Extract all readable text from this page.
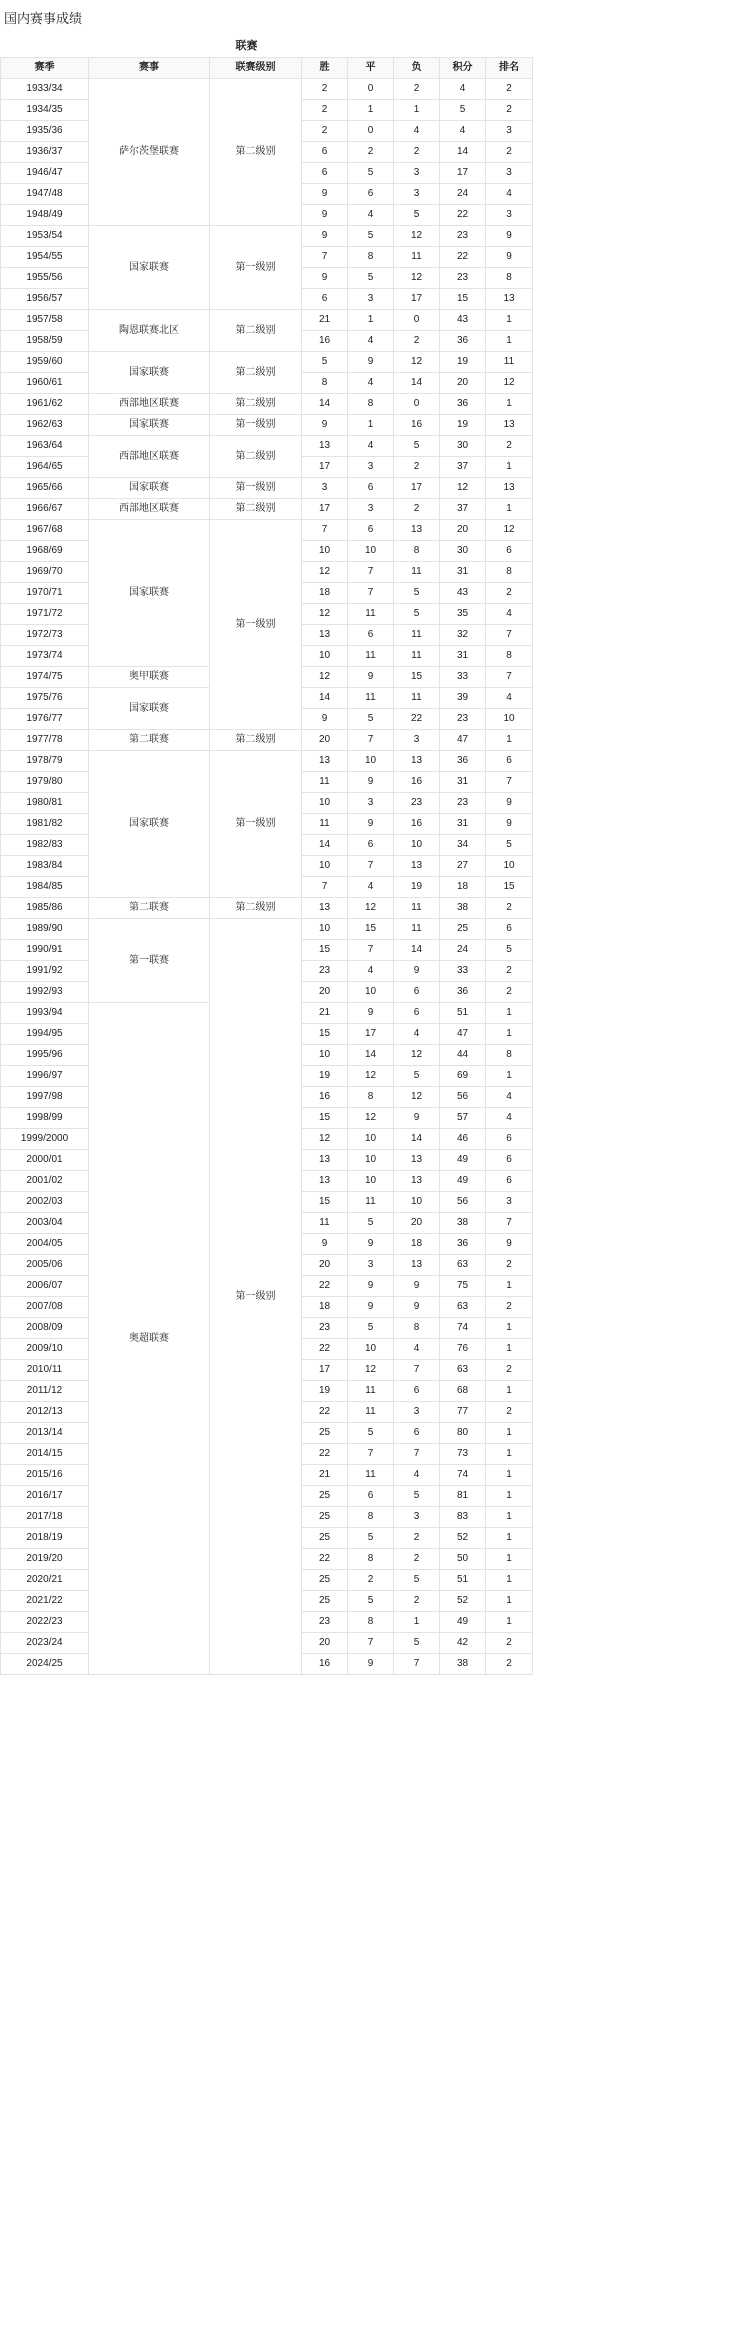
国内赛事成绩
联赛
赛季	赛事	联赛级别	胜	平	负	积分	排名
1933/34	萨尔茨堡联赛	第二级别	2	0	2	4	2
1934/35			2	1	1	5	2
1935/36			2	0	4	4	3
1936/37			6	2	2	14	2
1946/47			6	5	3	17	3
1947/48			9	6	3	24	4
1948/49			9	4	5	22	3
1953/54	国家联赛	第一级别	9	5	12	23	9
1954/55			7	8	11	22	9
1955/56			9	5	12	23	8
1956/57			6	3	17	15	13
1957/58	陶恩联赛北区	第二级别	21	1	0	43	1
1958/59			16	4	2	36	1
1959/60	国家联赛	第二级别	5	9	12	19	11
1960/61			8	4	14	20	12
1961/62	西部地区联赛	第二级别	14	8	0	36	1
1962/63	国家联赛	第一级别	9	1	16	19	13
1963/64	西部地区联赛	第二级别	13	4	5	30	2
1964/65			17	3	2	37	1
1965/66	国家联赛	第一级别	3	6	17	12	13
1966/67	西部地区联赛	第二级别	17	3	2	37	1
1967/68	国家联赛	第一级别	7	6	13	20	12
1968/69			10	10	8	30	6
1969/70			12	7	11	31	8
1970/71			18	7	5	43	2
1971/72			12	11	5	35	4
1972/73			13	6	11	32	7
1973/74			10	11	11	31	8
1974/75	奥甲联赛		12	9	15	33	7
1975/76	国家联赛		14	11	11	39	4
1976/77			9	5	22	23	10
1977/78	第二联赛	第二级别	20	7	3	47	1
1978/79	国家联赛	第一级别	13	10	13	36	6
1979/80			11	9	16	31	7
1980/81			10	3	23	23	9
1981/82			11	9	16	31	9
1982/83			14	6	10	34	5
1983/84			10	7	13	27	10
1984/85			7	4	19	18	15
1985/86	第二联赛	第二级别	13	12	11	38	2
1989/90	第一联赛	第一级别	10	15	11	25	6
1990/91			15	7	14	24	5
1991/92			23	4	9	33	2
1992/93			20	10	6	36	2
1993/94	奥超联赛		21	9	6	51	1
1994/95			15	17	4	47	1
1995/96			10	14	12	44	8
1996/97			19	12	5	69	1
1997/98			16	8	12	56	4
1998/99			15	12	9	57	4
1999/2000			12	10	14	46	6
2000/01			13	10	13	49	6
2001/02			13	10	13	49	6
2002/03			15	11	10	56	3
2003/04			11	5	20	38	7
2004/05			9	9	18	36	9
2005/06			20	3	13	63	2
2006/07			22	9	9	75	1
2007/08			18	9	9	63	2
2008/09			23	5	8	74	1
2009/10			22	10	4	76	1
2010/11			17	12	7	63	2
2011/12			19	11	6	68	1
2012/13			22	11	3	77	2
2013/14			25	5	6	80	1
2014/15			22	7	7	73	1
2015/16			21	11	4	74	1
2016/17			25	6	5	81	1
2017/18			25	8	3	83	1
2018/19			25	5	2	52	1
2019/20			22	8	2	50	1
2020/21			25	2	5	51	1
2021/22			25	5	2	52	1
2022/23			23	8	1	49	1
2023/24			20	7	5	42	2
2024/25			16	9	7	38	2
